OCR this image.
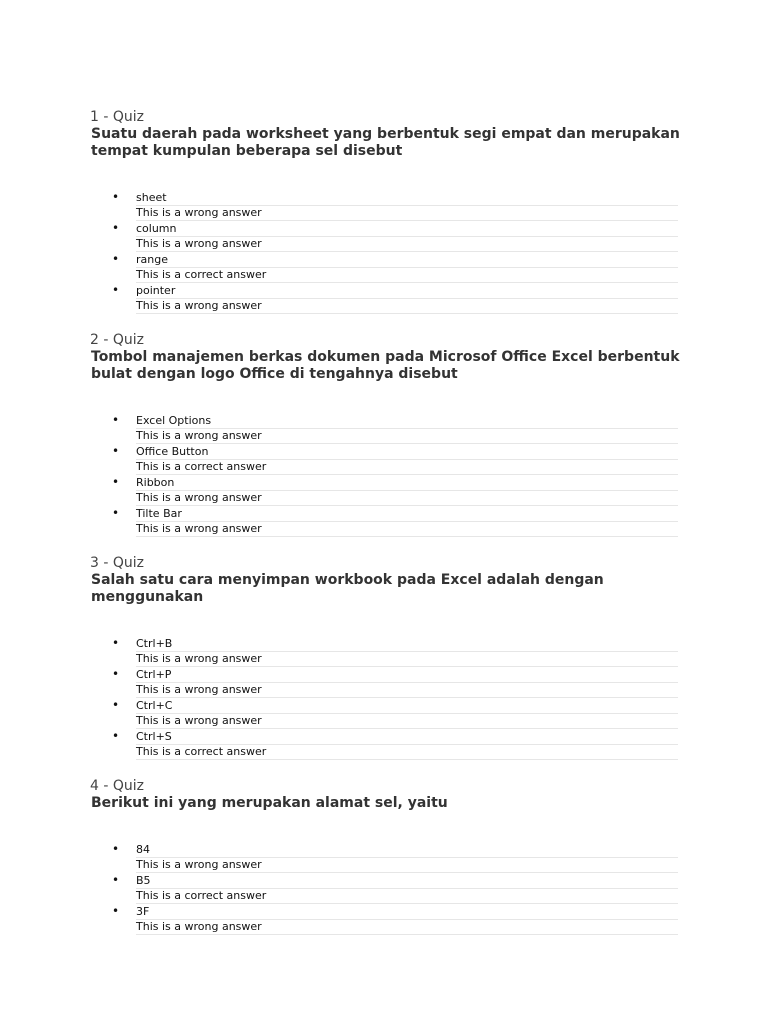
1 - Quiz
Suatu daerah pada worksheet yang berbentuk segi empat dan merupakan tempat kumpulan beberapa sel disebut
• sheet
This is a wrong answer
• column
This is a wrong answer
• range
This is a correct answer
• pointer
This is a wrong answer
2 - Quiz
Tombol manajemen berkas dokumen pada Microsof Office Excel berbentuk bulat dengan logo Office di tengahnya disebut
• Excel Options
This is a wrong answer
• Office Button
This is a correct answer
• Ribbon
This is a wrong answer
• Tilte Bar
This is a wrong answer
3 - Quiz
Salah satu cara menyimpan workbook pada Excel adalah dengan menggunakan
• Ctrl+B
This is a wrong answer
• Ctrl+P
This is a wrong answer
• Ctrl+C
This is a wrong answer
• Ctrl+S
This is a correct answer
4 - Quiz
Berikut ini yang merupakan alamat sel, yaitu
• 84
This is a wrong answer
• B5
This is a correct answer
• 3F
This is a wrong answer
